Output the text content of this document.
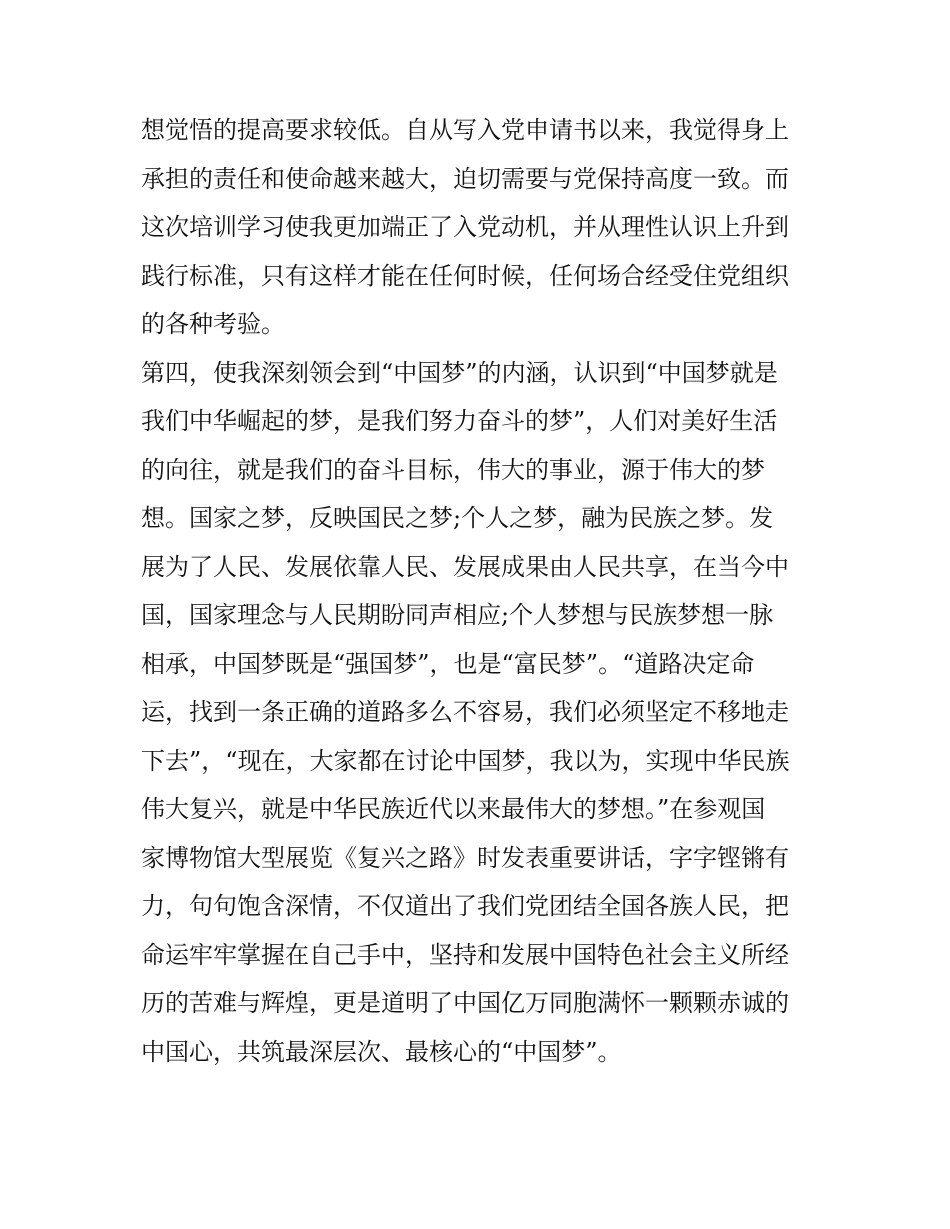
想觉悟的提高要求较低。自从写入党申请书以来，我觉得身上
承担的责任和使命越来越大，迫切需要与党保持高度一致。而
这次培训学习使我更加端正了入党动机，并从理性认识上升到
践行标准，只有这样才能在任何时候，任何场合经受住党组织
的各种考验。
第四，使我深刻领会到“中国梦”的内涵，认识到“中国梦就是
我们中华崛起的梦，是我们努力奋斗的梦”，人们对美好生活
的向往，就是我们的奋斗目标，伟大的事业，源于伟大的梦
想。国家之梦，反映国民之梦;个人之梦，融为民族之梦。发
展为了人民、发展依靠人民、发展成果由人民共享，在当今中
国，国家理念与人民期盼同声相应;个人梦想与民族梦想一脉
相承，中国梦既是“强国梦”，也是“富民梦”。“道路决定命
运，找到一条正确的道路多么不容易，我们必须坚定不移地走
下去”，“现在，大家都在讨论中国梦，我以为，实现中华民族
伟大复兴，就是中华民族近代以来最伟大的梦想。”在参观国
家博物馆大型展览《复兴之路》时发表重要讲话，字字铿锵有
力，句句饱含深情，不仅道出了我们党团结全国各族人民，把
命运牢牢掌握在自己手中，坚持和发展中国特色社会主义所经
历的苦难与辉煌，更是道明了中国亿万同胞满怀一颗颗赤诚的
中国心，共筑最深层次、最核心的“中国梦”。
